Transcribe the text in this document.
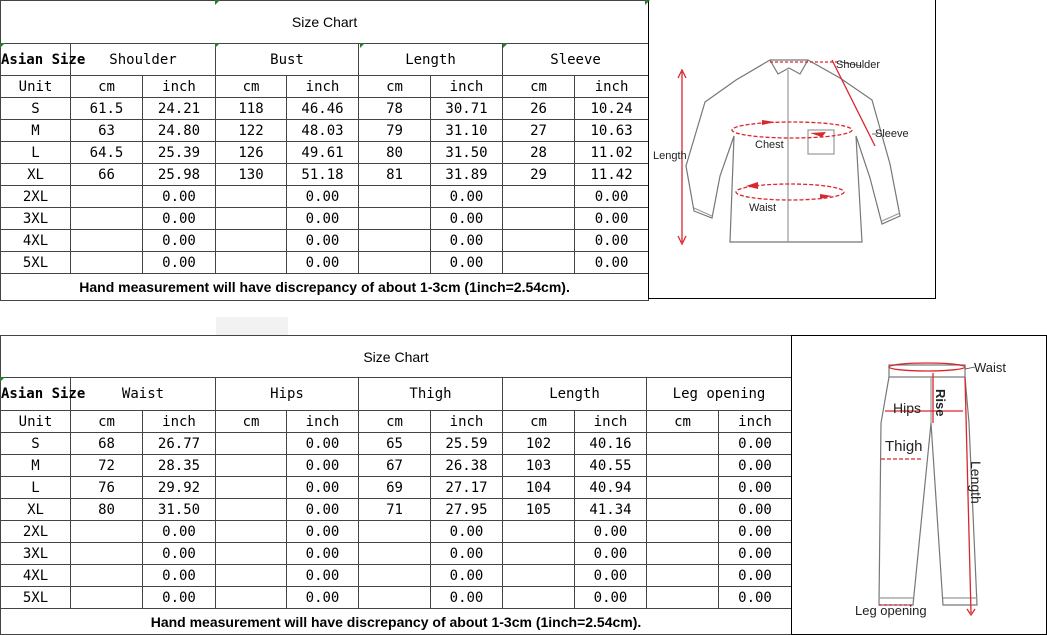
Size Chart								
Asian Size	Shoulder		Bust		Length		Sleeve	
Unit	cm	inch	cm	inch	cm	inch	cm	inch
S	61.5	24.21	118	46.46	78	30.71	26	10.24
M	63	24.80	122	48.03	79	31.10	27	10.63
L	64.5	25.39	126	49.61	80	31.50	28	11.02
XL	66	25.98	130	51.18	81	31.89	29	11.42
2XL		0.00		0.00		0.00		0.00
3XL		0.00		0.00		0.00		0.00
4XL		0.00		0.00		0.00		0.00
5XL		0.00		0.00		0.00		0.00
Hand measurement will have discrepancy of about 1-3cm (1inch=2.54cm).								
Shoulder
Sleeve
Chest
Waist
Length
Size Chart										
Asian Size	Waist		Hips		Thigh		Length		Leg opening	
Unit	cm	inch	cm	inch	cm	inch	cm	inch	cm	inch
S	68	26.77		0.00	65	25.59	102	40.16		0.00
M	72	28.35		0.00	67	26.38	103	40.55		0.00
L	76	29.92		0.00	69	27.17	104	40.94		0.00
XL	80	31.50		0.00	71	27.95	105	41.34		0.00
2XL		0.00		0.00		0.00		0.00		0.00
3XL		0.00		0.00		0.00		0.00		0.00
4XL		0.00		0.00		0.00		0.00		0.00
5XL		0.00		0.00		0.00		0.00		0.00
Hand measurement will have discrepancy of about 1-3cm (1inch=2.54cm).										
Waist
Hips
Thigh
Rise
Length
Leg opening
